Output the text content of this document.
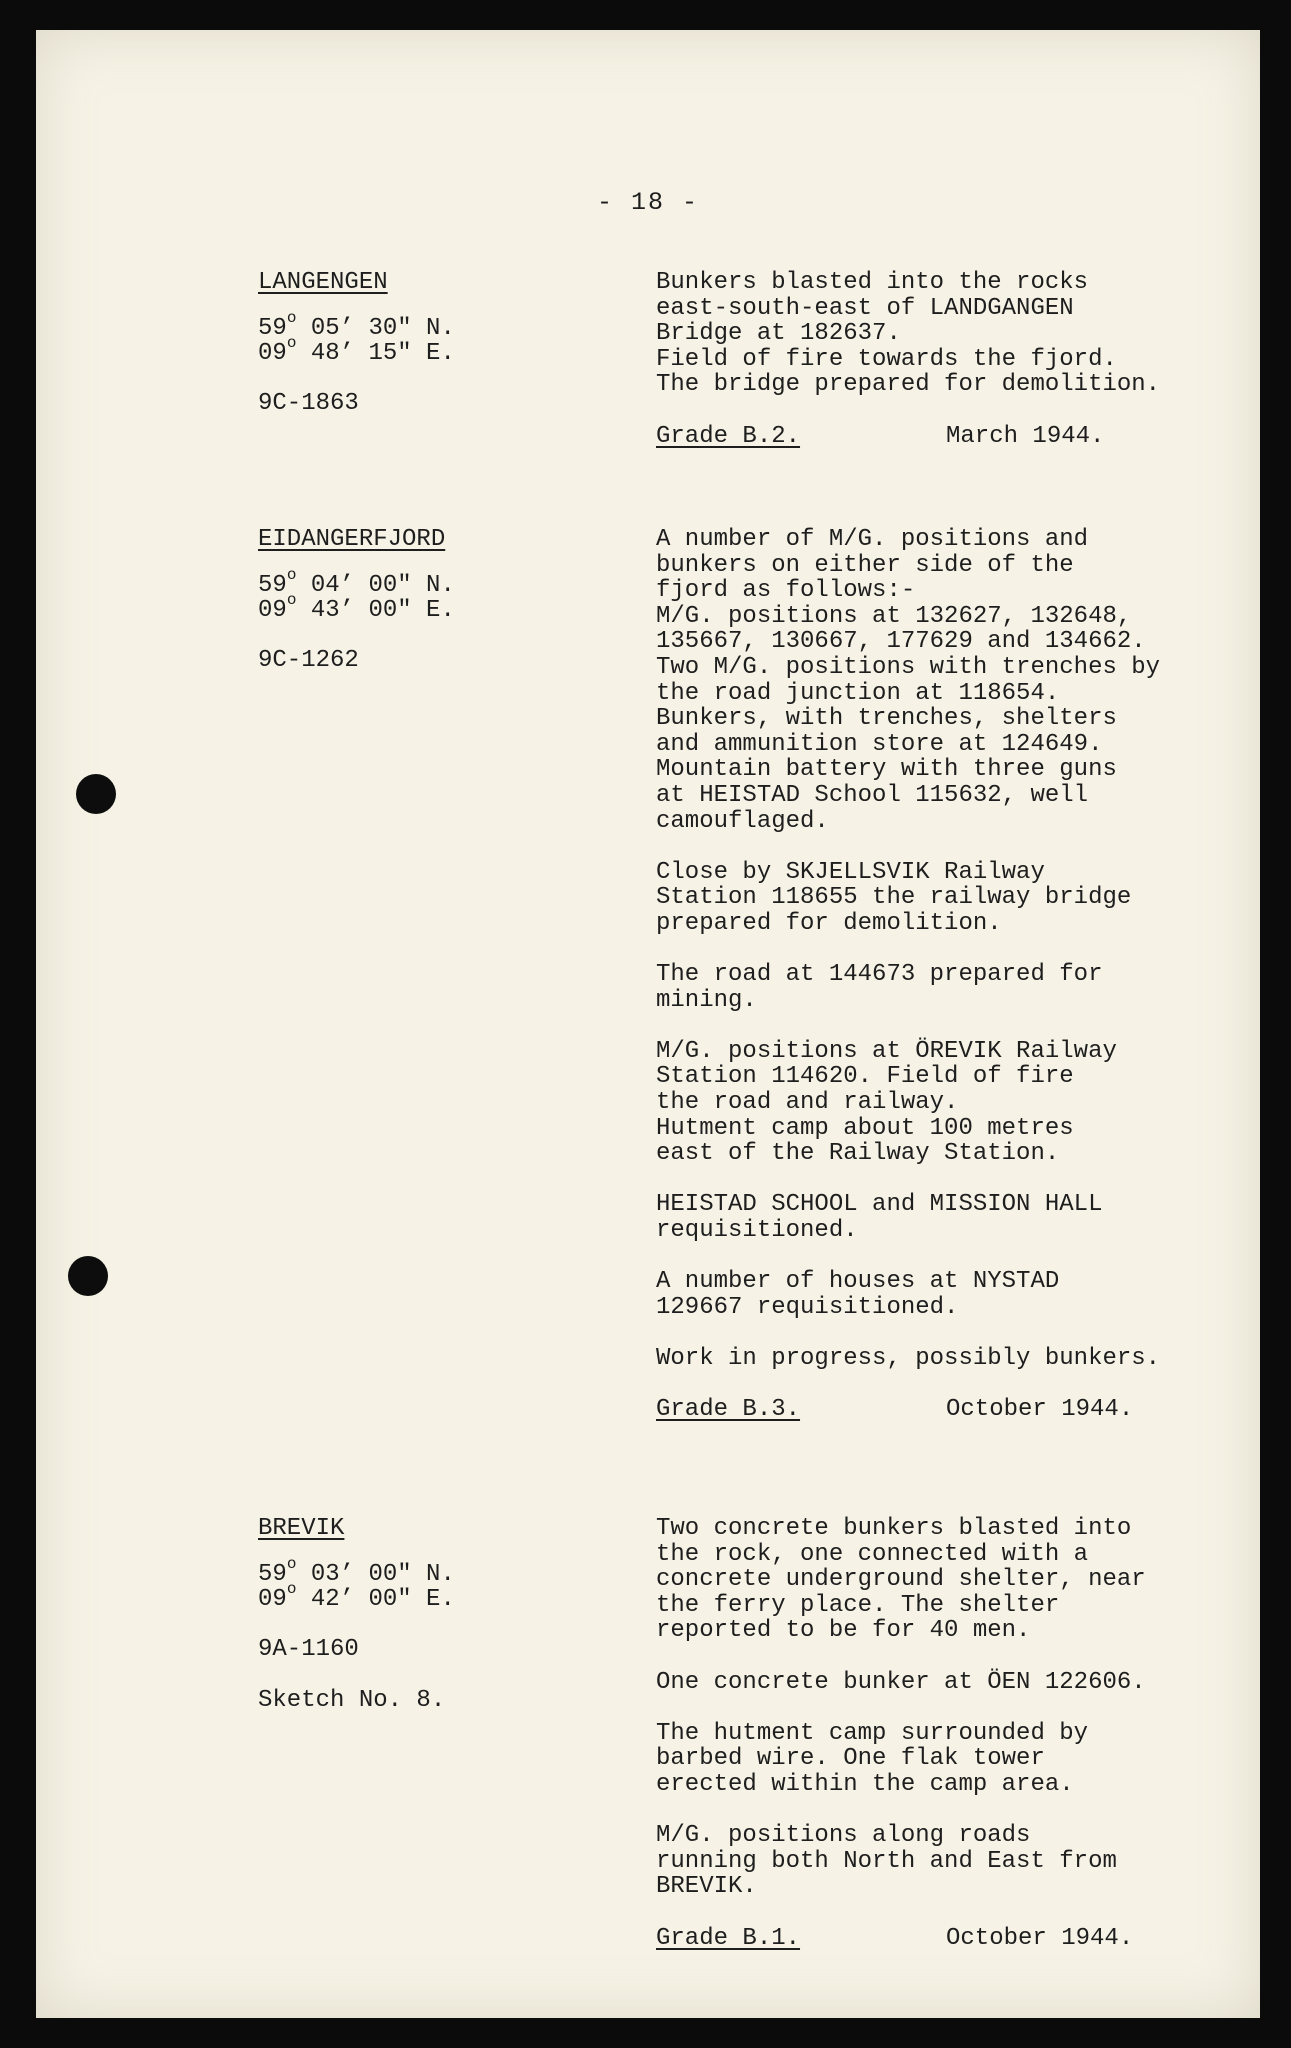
- 18 -
LANGENGEN
59$^o$ 05’ 30" N.
09$^o$ 48’ 15" E.
9C-1863
Bunkers blasted into the rocks
east-south-east of LANDGANGEN
Bridge at 182637.
Field of fire towards the fjord.
The bridge prepared for demolition.
Grade B.2.	March 1944.
EIDANGERFJORD
59$^o$ 04’ 00" N.
09$^o$ 43’ 00" E.
9C-1262
A number of M/G. positions and
bunkers on either side of the
fjord as follows:-
M/G. positions at 132627, 132648,
135667, 130667, 177629 and 134662.
Two M/G. positions with trenches by
the road junction at 118654.
Bunkers, with trenches, shelters
and ammunition store at 124649.
Mountain battery with three guns
at HEISTAD School 115632, well
camouflaged.
Close by SKJELLSVIK Railway
Station 118655 the railway bridge
prepared for demolition.
The road at 144673 prepared for
mining.
M/G. positions at ÖREVIK Railway
Station 114620. Field of fire
the road and railway.
Hutment camp about 100 metres
east of the Railway Station.
HEISTAD SCHOOL and MISSION HALL
requisitioned.
A number of houses at NYSTAD
129667 requisitioned.
Work in progress, possibly bunkers.
Grade B.3.	October 1944.
BREVIK
59$^o$ 03’ 00" N.
09$^o$ 42’ 00" E.
9A-1160
Sketch No. 8.
Two concrete bunkers blasted into
the rock, one connected with a
concrete underground shelter, near
the ferry place. The shelter
reported to be for 40 men.
One concrete bunker at ÖEN 122606.
The hutment camp surrounded by
barbed wire. One flak tower
erected within the camp area.
M/G. positions along roads
running both North and East from
BREVIK.
Grade B.1.	October 1944.
